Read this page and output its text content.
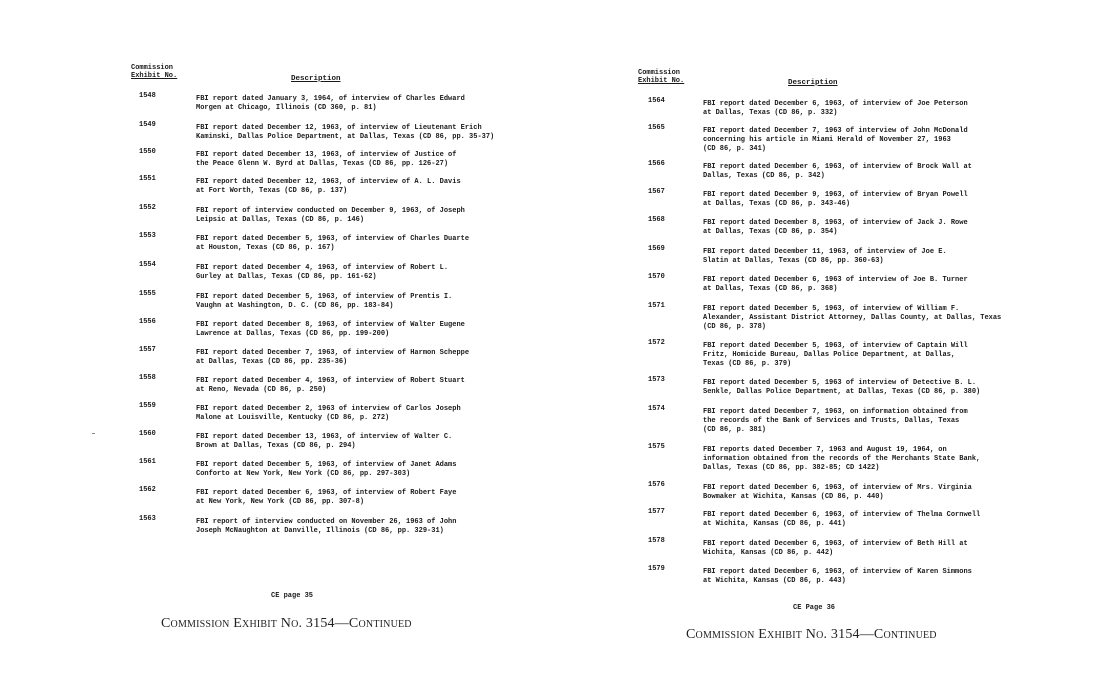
Commission
Exhibit No.	Description
1548	FBI report dated January 3, 1964, of interview of Charles Edward
Morgen at Chicago, Illinois (CD 360, p. 81)
1549	FBI report dated December 12, 1963, of interview of Lieutenant Erich
Kaminski, Dallas Police Department, at Dallas, Texas (CD 86, pp. 35-37)
1550	FBI report dated December 13, 1963, of interview of Justice of
the Peace Glenn W. Byrd at Dallas, Texas (CD 86, pp. 126-27)
1551	FBI report dated December 12, 1963, of interview of A. L. Davis
at Fort Worth, Texas (CD 86, p. 137)
1552	FBI report of interview conducted on December 9, 1963, of Joseph
Leipsic at Dallas, Texas (CD 86, p. 146)
1553	FBI report dated December 5, 1963, of interview of Charles Duarte
at Houston, Texas (CD 86, p. 167)
1554	FBI report dated December 4, 1963, of interview of Robert L.
Gurley at Dallas, Texas (CD 86, pp. 161-62)
1555	FBI report dated December 5, 1963, of interview of Prentis I.
Vaughn at Washington, D. C. (CD 86, pp. 183-84)
1556	FBI report dated December 8, 1963, of interview of Walter Eugene
Lawrence at Dallas, Texas (CD 86, pp. 199-200)
1557	FBI report dated December 7, 1963, of interview of Harmon Scheppe
at Dallas, Texas (CD 86, pp. 235-36)
1558	FBI report dated December 4, 1963, of interview of Robert Stuart
at Reno, Nevada (CD 86, p. 250)
1559	FBI report dated December 2, 1963 of interview of Carlos Joseph
Malone at Louisville, Kentucky (CD 86, p. 272)
1560	FBI report dated December 13, 1963, of interview of Walter C.
Brown at Dallas, Texas (CD 86, p. 294)
1561	FBI report dated December 5, 1963, of interview of Janet Adams
Conforto at New York, New York (CD 86, pp. 297-303)
1562	FBI report dated December 6, 1963, of interview of Robert Faye
at New York, New York (CD 86, pp. 307-8)
1563	FBI report of interview conducted on November 26, 1963 of John
Joseph McNaughton at Danville, Illinois (CD 86, pp. 329-31)
CE page 35
Commission Exhibit No. 3154—Continued
Commission
Exhibit No.	Description
1564	FBI report dated December 6, 1963, of interview of Joe Peterson
at Dallas, Texas (CD 86, p. 332)
1565	FBI report dated December 7, 1963 of interview of John McDonald
concerning his article in Miami Herald of November 27, 1963
(CD 86, p. 341)
1566	FBI report dated December 6, 1963, of interview of Brock Wall at
Dallas, Texas (CD 86, p. 342)
1567	FBI report dated December 9, 1963, of interview of Bryan Powell
at Dallas, Texas (CD 86, p. 343-46)
1568	FBI report dated December 8, 1963, of interview of Jack J. Rowe
at Dallas, Texas (CD 86, p. 354)
1569	FBI report dated December 11, 1963, of interview of Joe E.
Slatin at Dallas, Texas (CD 86, pp. 360-63)
1570	FBI report dated December 6, 1963 of interview of Joe B. Turner
at Dallas, Texas (CD 86, p. 368)
1571	FBI report dated December 5, 1963, of interview of William F.
Alexander, Assistant District Attorney, Dallas County, at Dallas, Texas
(CD 86, p. 378)
1572	FBI report dated December 5, 1963, of interview of Captain Will
Fritz, Homicide Bureau, Dallas Police Department, at Dallas,
Texas (CD 86, p. 379)
1573	FBI report dated December 5, 1963 of interview of Detective B. L.
Senkle, Dallas Police Department, at Dallas, Texas (CD 86, p. 380)
1574	FBI report dated December 7, 1963, on information obtained from
the records of the Bank of Services and Trusts, Dallas, Texas
(CD 86, p. 381)
1575	FBI reports dated December 7, 1963 and August 19, 1964, on
information obtained from the records of the Merchants State Bank,
Dallas, Texas (CD 86, pp. 382-85; CD 1422)
1576	FBI report dated December 6, 1963, of interview of Mrs. Virginia
Bowmaker at Wichita, Kansas (CD 86, p. 440)
1577	FBI report dated December 6, 1963, of interview of Thelma Cornwell
at Wichita, Kansas (CD 86, p. 441)
1578	FBI report dated December 6, 1963, of interview of Beth Hill at
Wichita, Kansas (CD 86, p. 442)
1579	FBI report dated December 6, 1963, of interview of Karen Simmons
at Wichita, Kansas (CD 86, p. 443)
CE Page 36
Commission Exhibit No. 3154—Continued
